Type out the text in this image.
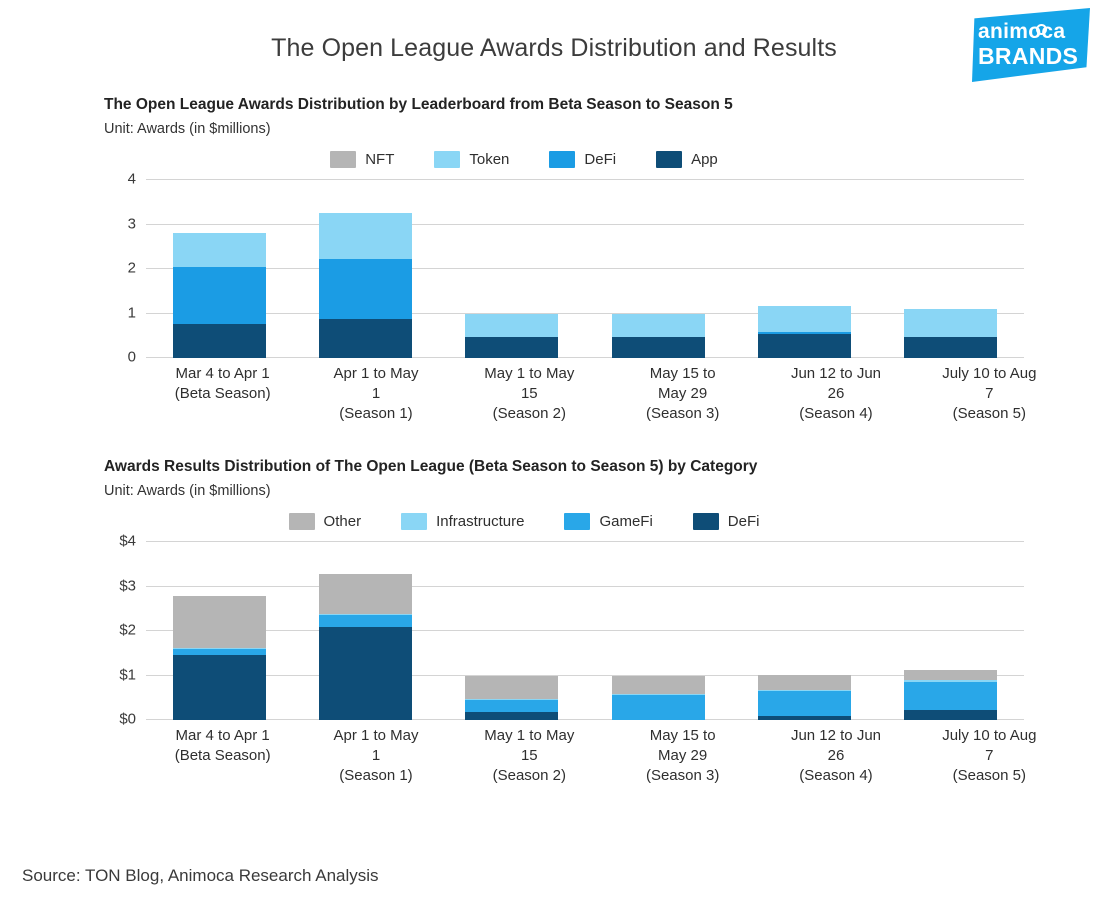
The Open League Awards Distribution and Results
animoca
BRANDS
The Open League Awards Distribution by Leaderboard from Beta Season to Season 5
Unit: Awards (in $millions)
NFT	Token	DeFi	App
0
1
2
3
4
Mar 4 to Apr 1
(Beta Season)
Apr 1 to May
1
(Season 1)
May 1 to May
15
(Season 2)
May 15 to
May 29
(Season 3)
Jun 12 to Jun
26
(Season 4)
July 10 to Aug
7
(Season 5)
Awards Results Distribution of The Open League (Beta Season to Season 5) by Category
Unit: Awards (in $millions)
Other	Infrastructure	GameFi	DeFi
$0
$1
$2
$3
$4
Mar 4 to Apr 1
(Beta Season)
Apr 1 to May
1
(Season 1)
May 1 to May
15
(Season 2)
May 15 to
May 29
(Season 3)
Jun 12 to Jun
26
(Season 4)
July 10 to Aug
7
(Season 5)
Source: TON Blog, Animoca Research Analysis
